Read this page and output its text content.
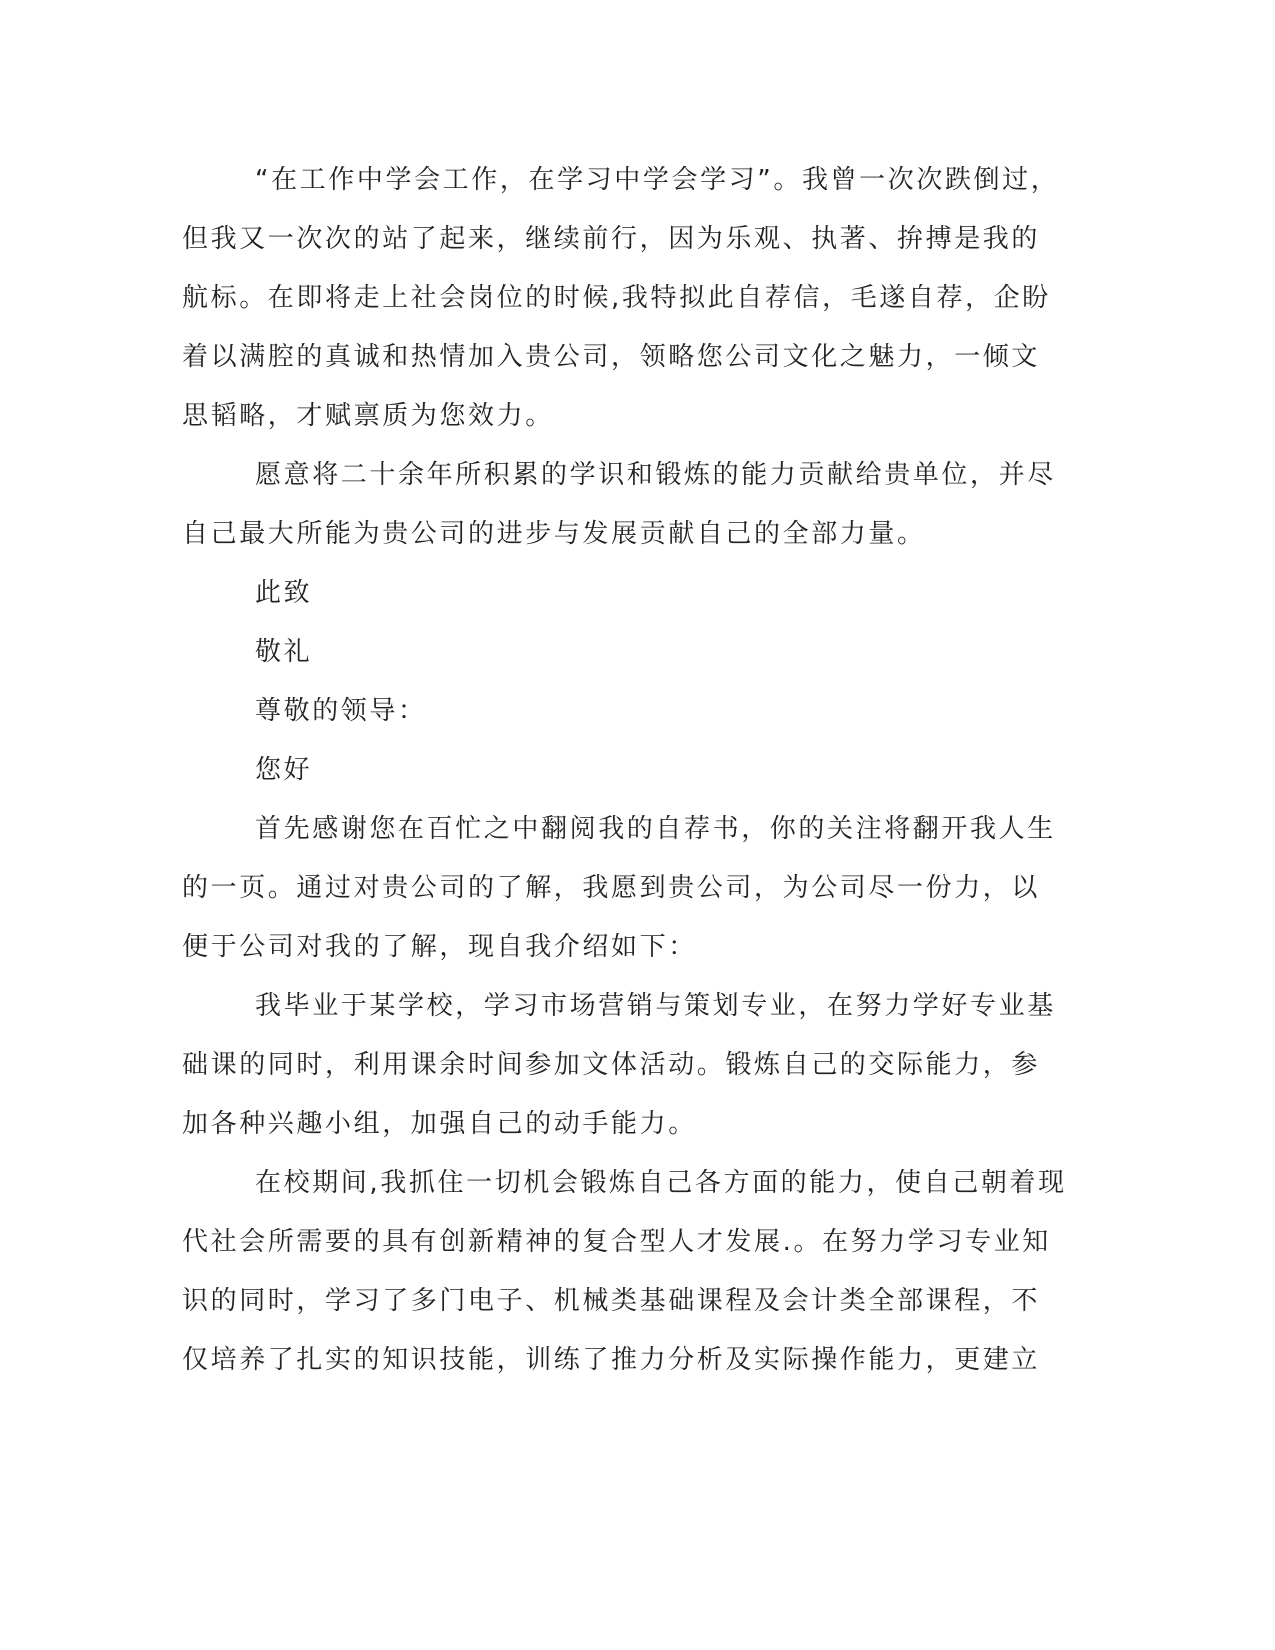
“在工作中学会工作，在学习中学会学习”。我曾一次次跌倒过，
但我又一次次的站了起来，继续前行，因为乐观、执著、拚搏是我的
航标。在即将走上社会岗位的时候,我特拟此自荐信，毛遂自荐，企盼
着以满腔的真诚和热情加入贵公司，领略您公司文化之魅力，一倾文
思韬略，才赋禀质为您效力。
愿意将二十余年所积累的学识和锻炼的能力贡献给贵单位，并尽
自己最大所能为贵公司的进步与发展贡献自己的全部力量。
此致
敬礼
尊敬的领导：
您好
首先感谢您在百忙之中翻阅我的自荐书，你的关注将翻开我人生
的一页。通过对贵公司的了解，我愿到贵公司，为公司尽一份力，以
便于公司对我的了解，现自我介绍如下：
我毕业于某学校，学习市场营销与策划专业，在努力学好专业基
础课的同时，利用课余时间参加文体活动。锻炼自己的交际能力，参
加各种兴趣小组，加强自己的动手能力。
在校期间,我抓住一切机会锻炼自己各方面的能力，使自己朝着现
代社会所需要的具有创新精神的复合型人才发展.。在努力学习专业知
识的同时，学习了多门电子、机械类基础课程及会计类全部课程，不
仅培养了扎实的知识技能，训练了推力分析及实际操作能力，更建立
